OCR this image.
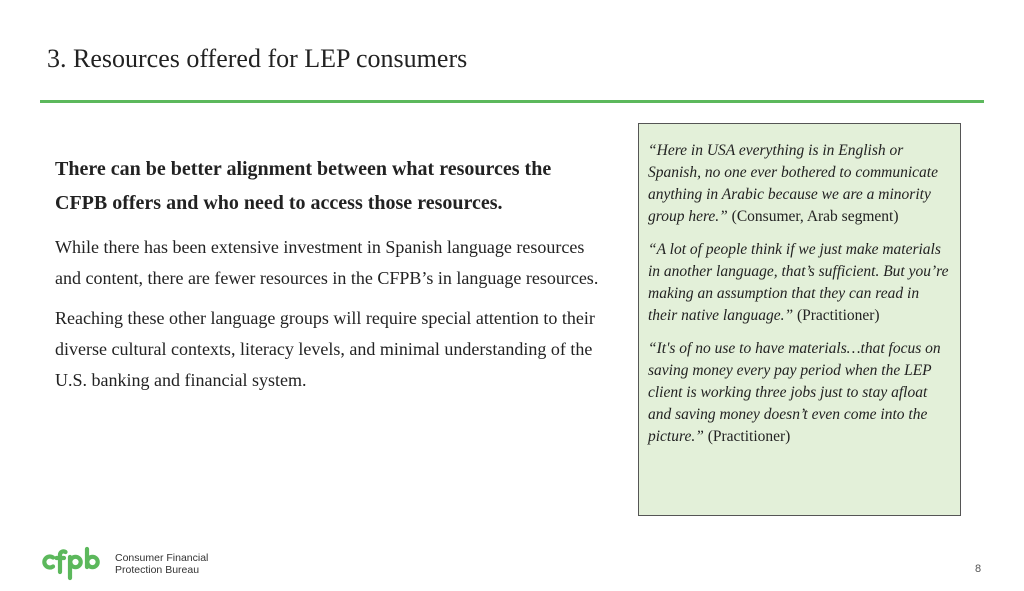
3. Resources offered for LEP consumers

There can be better alignment between what resources the CFPB offers and who need to access those resources.

While there has been extensive investment in Spanish language resources and content, there are fewer resources in the CFPB’s in language resources.

Reaching these other language groups will require special attention to their diverse cultural contexts, literacy levels, and minimal understanding of the U.S. banking and financial system.

“Here in USA everything is in English or Spanish, no one ever bothered to communicate anything in Arabic because we are a minority group here.” (Consumer, Arab segment)

“A lot of people think if we just make materials in another language, that’s sufficient. But you’re making an assumption that they can read in their native language.” (Practitioner)

“It's of no use to have materials…that focus on saving money every pay period when the LEP client is working three jobs just to stay afloat and saving money doesn’t even come into the picture.” (Practitioner)

Consumer Financial
Protection Bureau	8
